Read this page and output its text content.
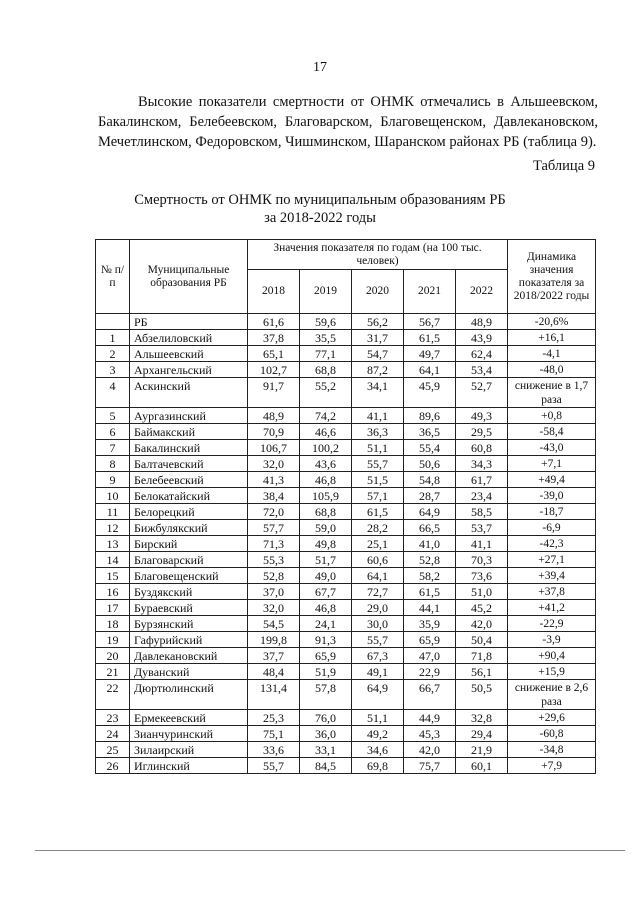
17
Высокие показатели смертности от ОНМК отмечались в Альшеевском, Бакалинском, Белебеевском, Благоварском, Благовещенском, Давлекановском, Мечетлинском, Федоровском, Чишминском, Шаранском районах РБ (таблица 9).
Таблица 9
Смертность от ОНМК по муниципальным образованиям РБ
за 2018-2022 годы
№ п/п	Муниципальные образования РБ	Значения показателя по годам (на 100 тыс. человек)					Динамика значения показателя за 2018/2022 годы
		2018	2019	2020	2021	2022	
	РБ	61,6	59,6	56,2	56,7	48,9	-20,6%
1	Абзелиловский	37,8	35,5	31,7	61,5	43,9	+16,1
2	Альшеевский	65,1	77,1	54,7	49,7	62,4	-4,1
3	Архангельский	102,7	68,8	87,2	64,1	53,4	-48,0
4	Аскинский	91,7	55,2	34,1	45,9	52,7	снижение в 1,7 раза
5	Аургазинский	48,9	74,2	41,1	89,6	49,3	+0,8
6	Баймакский	70,9	46,6	36,3	36,5	29,5	-58,4
7	Бакалинский	106,7	100,2	51,1	55,4	60,8	-43,0
8	Балтачевский	32,0	43,6	55,7	50,6	34,3	+7,1
9	Белебеевский	41,3	46,8	51,5	54,8	61,7	+49,4
10	Белокатайский	38,4	105,9	57,1	28,7	23,4	-39,0
11	Белорецкий	72,0	68,8	61,5	64,9	58,5	-18,7
12	Бижбулякский	57,7	59,0	28,2	66,5	53,7	-6,9
13	Бирский	71,3	49,8	25,1	41,0	41,1	-42,3
14	Благоварский	55,3	51,7	60,6	52,8	70,3	+27,1
15	Благовещенский	52,8	49,0	64,1	58,2	73,6	+39,4
16	Буздякский	37,0	67,7	72,7	61,5	51,0	+37,8
17	Бураевский	32,0	46,8	29,0	44,1	45,2	+41,2
18	Бурзянский	54,5	24,1	30,0	35,9	42,0	-22,9
19	Гафурийский	199,8	91,3	55,7	65,9	50,4	-3,9
20	Давлекановский	37,7	65,9	67,3	47,0	71,8	+90,4
21	Дуванский	48,4	51,9	49,1	22,9	56,1	+15,9
22	Дюртюлинский	131,4	57,8	64,9	66,7	50,5	снижение в 2,6 раза
23	Ермекеевский	25,3	76,0	51,1	44,9	32,8	+29,6
24	Зианчуринский	75,1	36,0	49,2	45,3	29,4	-60,8
25	Зилаирский	33,6	33,1	34,6	42,0	21,9	-34,8
26	Иглинский	55,7	84,5	69,8	75,7	60,1	+7,9
